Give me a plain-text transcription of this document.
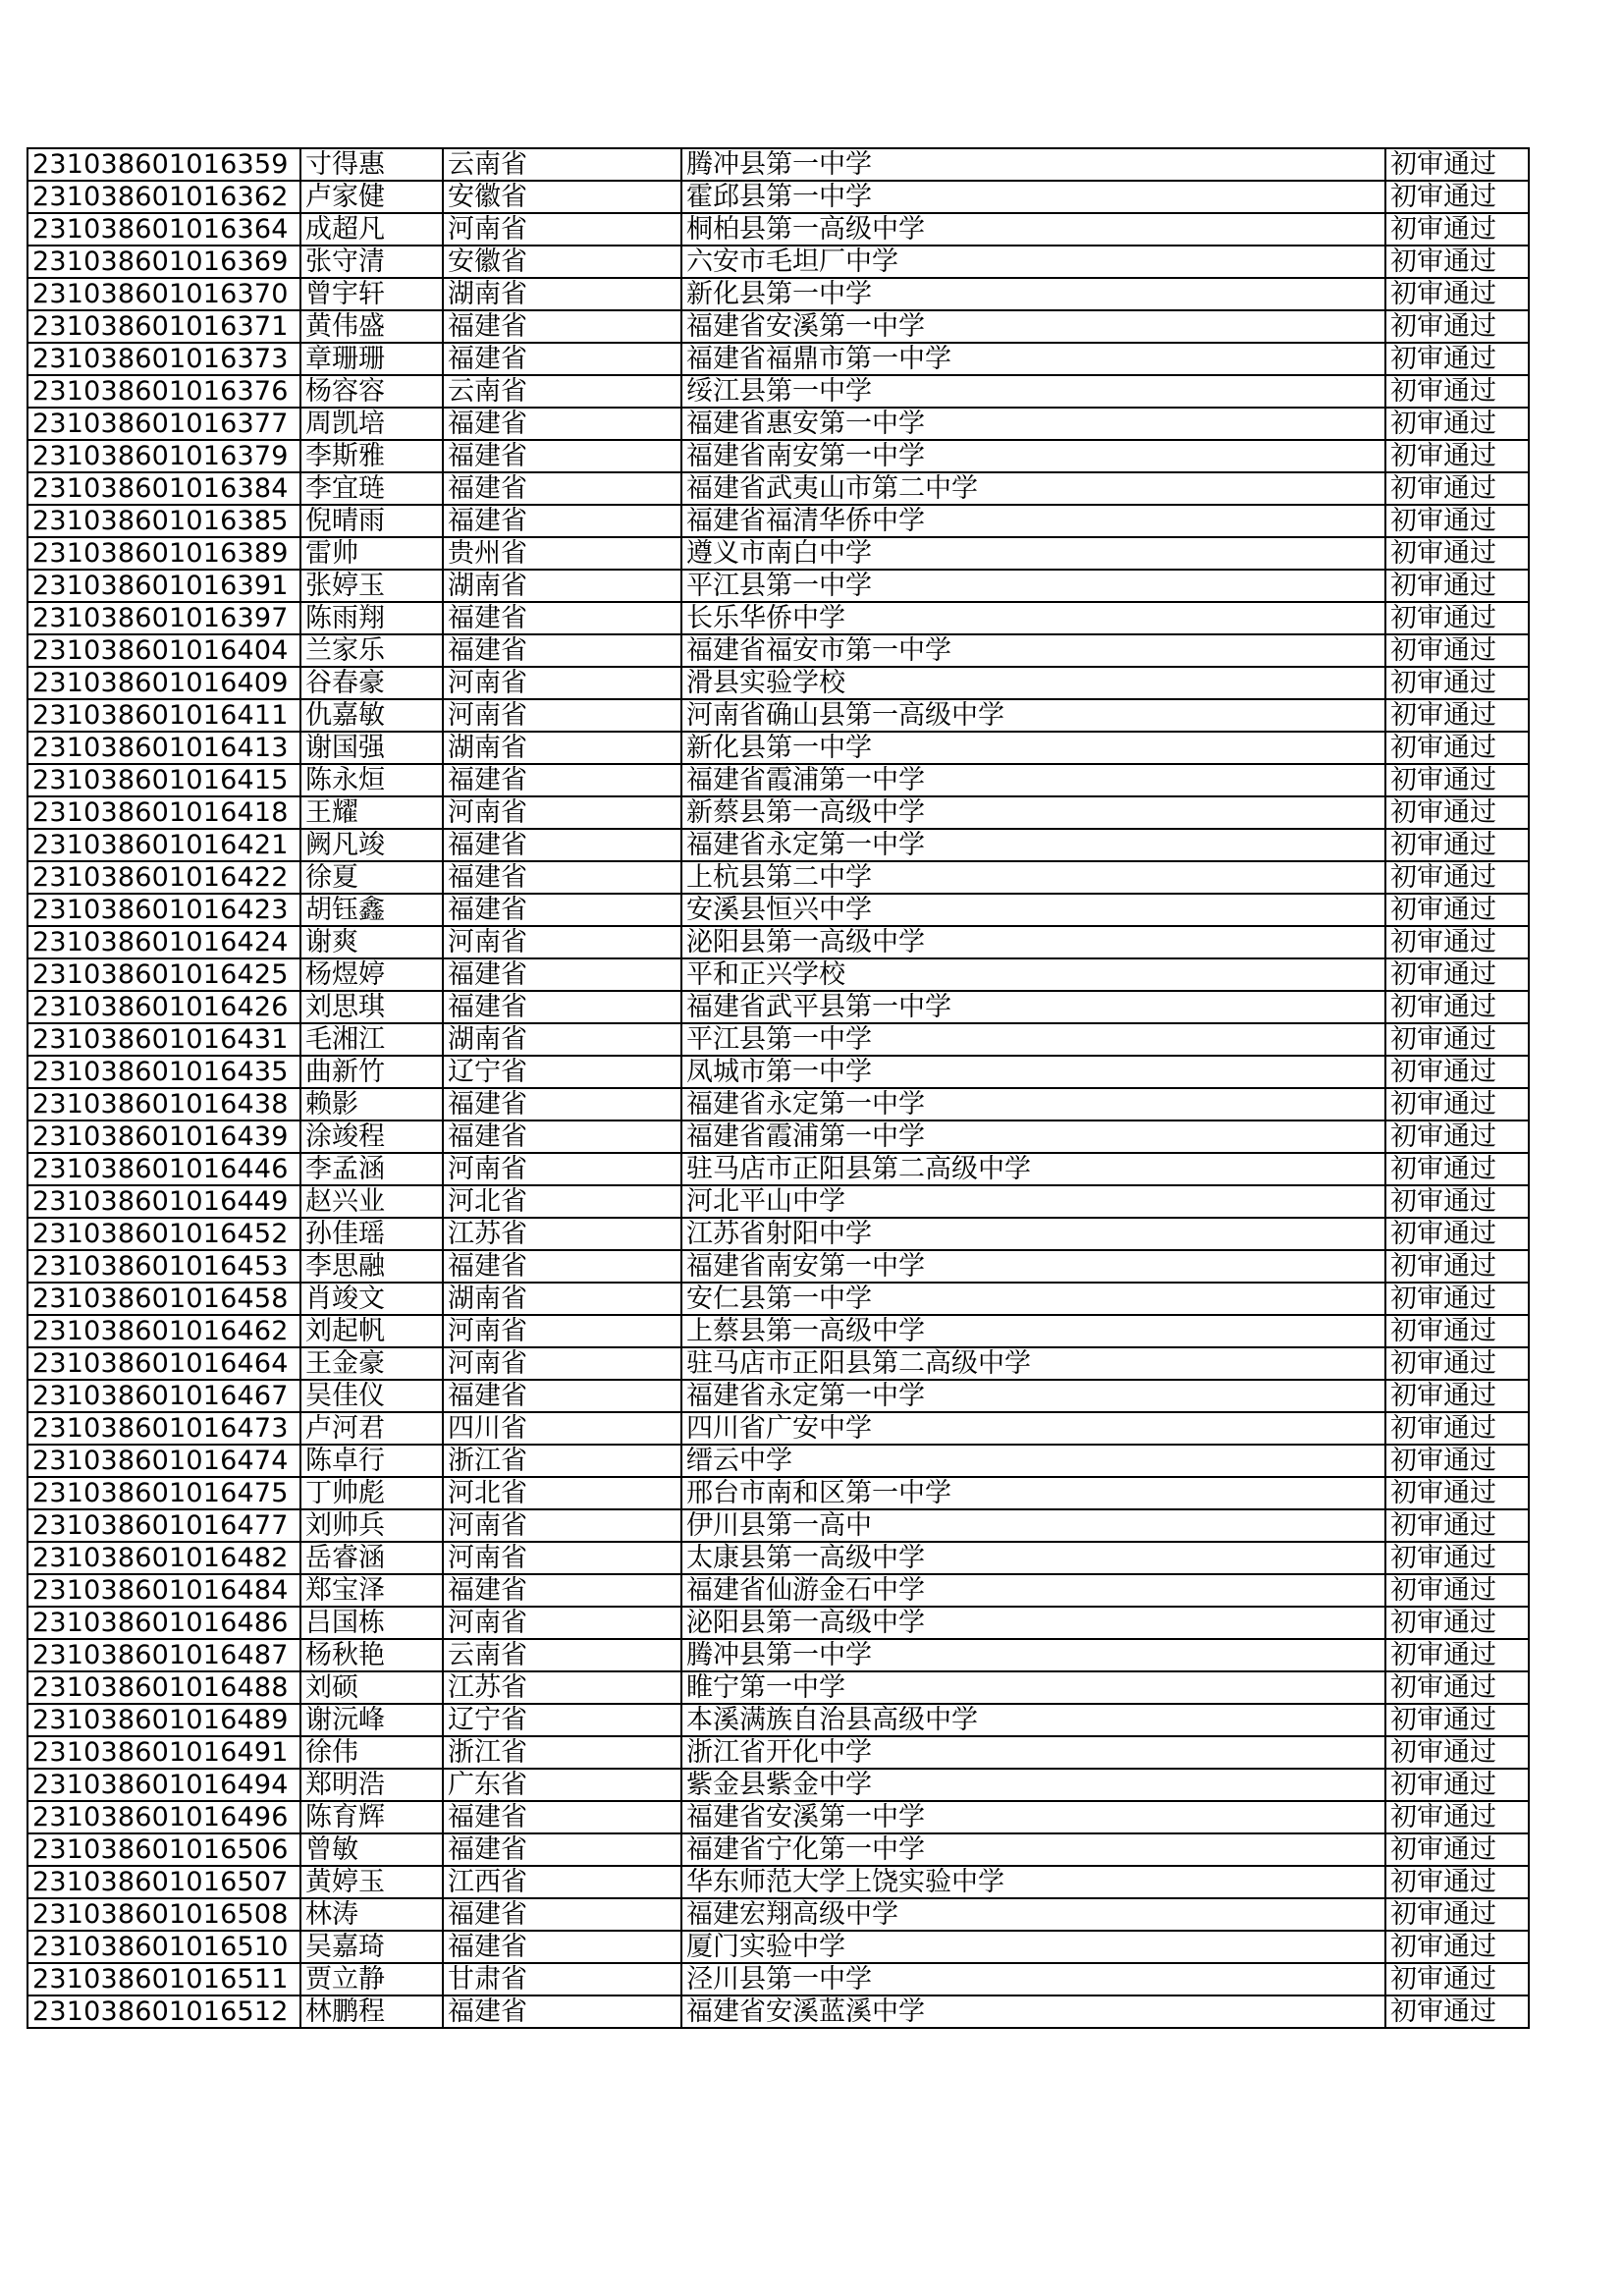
231038601016359	寸得惠	云南省	腾冲县第一中学	初审通过
231038601016362	卢家健	安徽省	霍邱县第一中学	初审通过
231038601016364	成超凡	河南省	桐柏县第一高级中学	初审通过
231038601016369	张守清	安徽省	六安市毛坦厂中学	初审通过
231038601016370	曾宇轩	湖南省	新化县第一中学	初审通过
231038601016371	黄伟盛	福建省	福建省安溪第一中学	初审通过
231038601016373	章珊珊	福建省	福建省福鼎市第一中学	初审通过
231038601016376	杨容容	云南省	绥江县第一中学	初审通过
231038601016377	周凯培	福建省	福建省惠安第一中学	初审通过
231038601016379	李斯雅	福建省	福建省南安第一中学	初审通过
231038601016384	李宜琏	福建省	福建省武夷山市第二中学	初审通过
231038601016385	倪晴雨	福建省	福建省福清华侨中学	初审通过
231038601016389	雷帅	贵州省	遵义市南白中学	初审通过
231038601016391	张婷玉	湖南省	平江县第一中学	初审通过
231038601016397	陈雨翔	福建省	长乐华侨中学	初审通过
231038601016404	兰家乐	福建省	福建省福安市第一中学	初审通过
231038601016409	谷春豪	河南省	滑县实验学校	初审通过
231038601016411	仇嘉敏	河南省	河南省确山县第一高级中学	初审通过
231038601016413	谢国强	湖南省	新化县第一中学	初审通过
231038601016415	陈永烜	福建省	福建省霞浦第一中学	初审通过
231038601016418	王耀	河南省	新蔡县第一高级中学	初审通过
231038601016421	阙凡竣	福建省	福建省永定第一中学	初审通过
231038601016422	徐夏	福建省	上杭县第二中学	初审通过
231038601016423	胡钰鑫	福建省	安溪县恒兴中学	初审通过
231038601016424	谢爽	河南省	泌阳县第一高级中学	初审通过
231038601016425	杨煜婷	福建省	平和正兴学校	初审通过
231038601016426	刘思琪	福建省	福建省武平县第一中学	初审通过
231038601016431	毛湘江	湖南省	平江县第一中学	初审通过
231038601016435	曲新竹	辽宁省	凤城市第一中学	初审通过
231038601016438	赖影	福建省	福建省永定第一中学	初审通过
231038601016439	涂竣程	福建省	福建省霞浦第一中学	初审通过
231038601016446	李孟涵	河南省	驻马店市正阳县第二高级中学	初审通过
231038601016449	赵兴业	河北省	河北平山中学	初审通过
231038601016452	孙佳瑶	江苏省	江苏省射阳中学	初审通过
231038601016453	李思融	福建省	福建省南安第一中学	初审通过
231038601016458	肖竣文	湖南省	安仁县第一中学	初审通过
231038601016462	刘起帆	河南省	上蔡县第一高级中学	初审通过
231038601016464	王金豪	河南省	驻马店市正阳县第二高级中学	初审通过
231038601016467	吴佳仪	福建省	福建省永定第一中学	初审通过
231038601016473	卢河君	四川省	四川省广安中学	初审通过
231038601016474	陈卓行	浙江省	缙云中学	初审通过
231038601016475	丁帅彪	河北省	邢台市南和区第一中学	初审通过
231038601016477	刘帅兵	河南省	伊川县第一高中	初审通过
231038601016482	岳睿涵	河南省	太康县第一高级中学	初审通过
231038601016484	郑宝泽	福建省	福建省仙游金石中学	初审通过
231038601016486	吕国栋	河南省	泌阳县第一高级中学	初审通过
231038601016487	杨秋艳	云南省	腾冲县第一中学	初审通过
231038601016488	刘硕	江苏省	睢宁第一中学	初审通过
231038601016489	谢沅峰	辽宁省	本溪满族自治县高级中学	初审通过
231038601016491	徐伟	浙江省	浙江省开化中学	初审通过
231038601016494	郑明浩	广东省	紫金县紫金中学	初审通过
231038601016496	陈育辉	福建省	福建省安溪第一中学	初审通过
231038601016506	曾敏	福建省	福建省宁化第一中学	初审通过
231038601016507	黄婷玉	江西省	华东师范大学上饶实验中学	初审通过
231038601016508	林涛	福建省	福建宏翔高级中学	初审通过
231038601016510	吴嘉琦	福建省	厦门实验中学	初审通过
231038601016511	贾立静	甘肃省	泾川县第一中学	初审通过
231038601016512	林鹏程	福建省	福建省安溪蓝溪中学	初审通过
